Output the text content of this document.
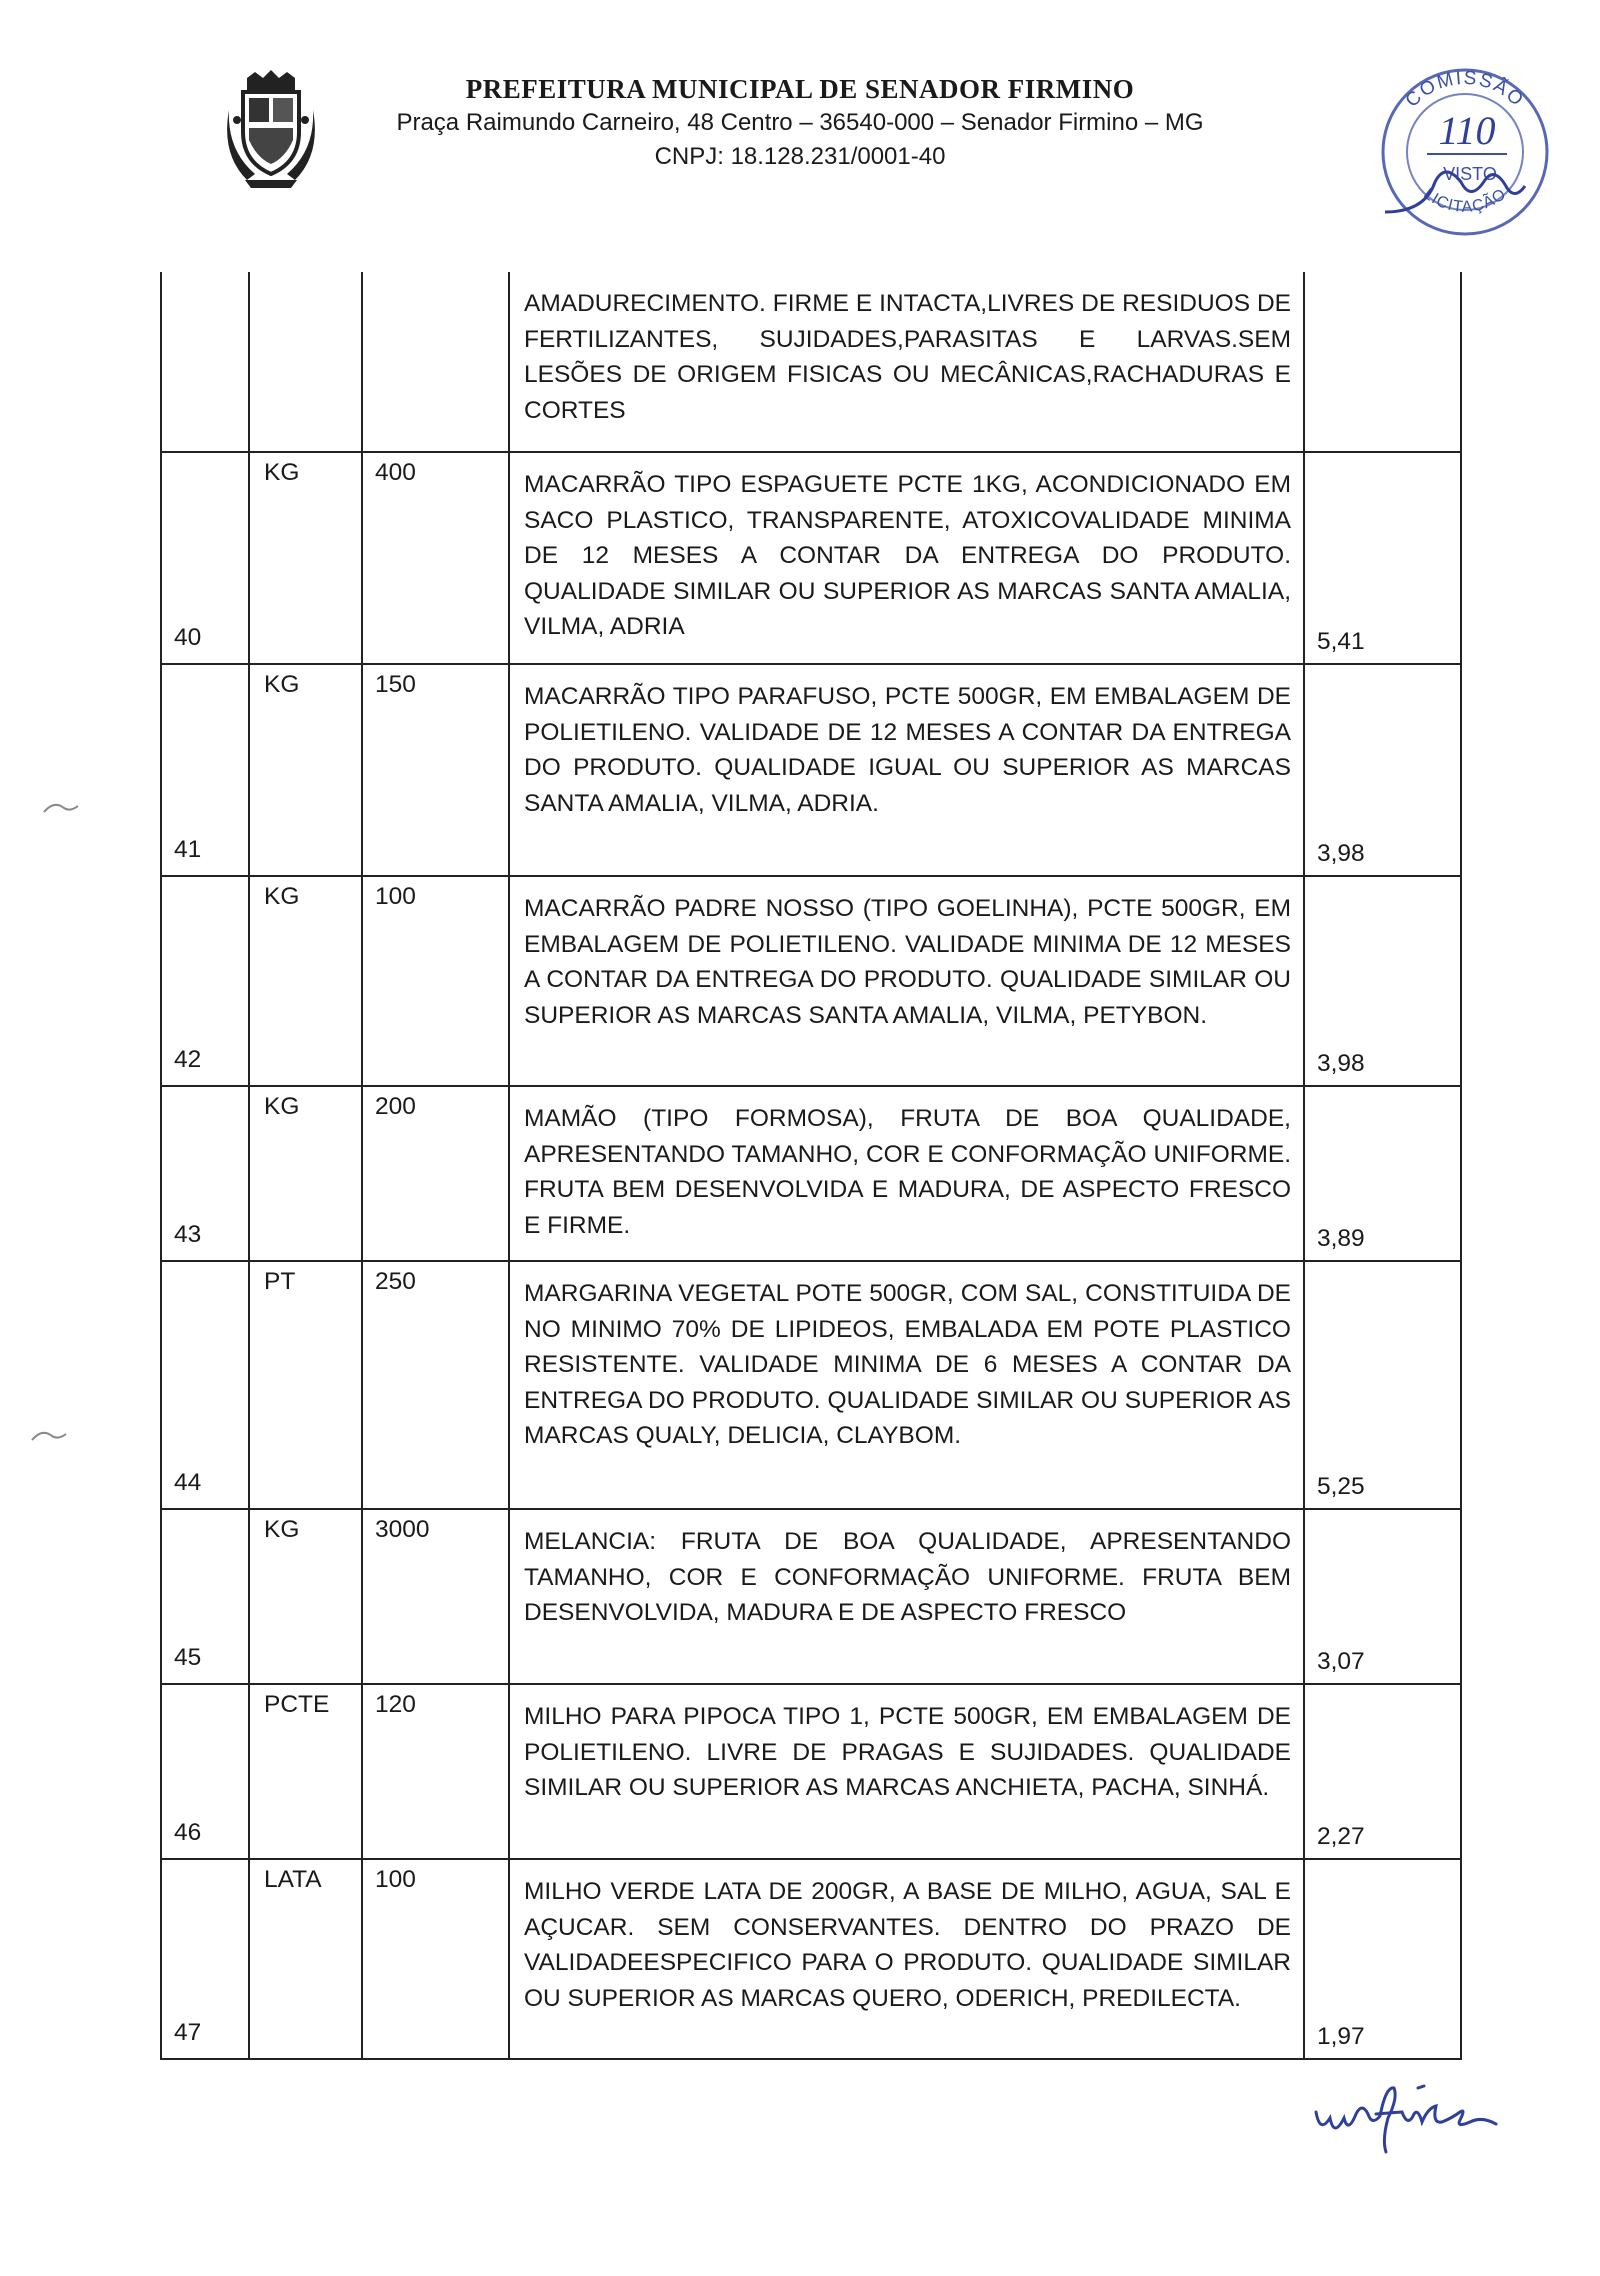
PREFEITURA MUNICIPAL DE SENADOR FIRMINO

Praça Raimundo Carneiro, 48 Centro – 36540-000 – Senador Firmino – MG

CNPJ: 18.128.231/0001-40

COMISSÃO
LICITAÇÃO
110
VISTO

			AMADURECIMENTO. FIRME E INTACTA,LIVRES DE RESIDUOS DE FERTILIZANTES, SUJIDADES,PARASITAS E LARVAS.SEM LESÕES DE ORIGEM FISICAS OU MECÂNICAS,RACHADURAS E CORTES	

40	KG	400	MACARRÃO TIPO ESPAGUETE PCTE 1KG, ACONDICIONADO EM SACO PLASTICO, TRANSPARENTE, ATOXICOVALIDADE MINIMA DE 12 MESES A CONTAR DA ENTREGA DO PRODUTO. QUALIDADE SIMILAR OU SUPERIOR AS MARCAS SANTA AMALIA, VILMA, ADRIA	5,41

41	KG	150	MACARRÃO TIPO PARAFUSO, PCTE 500GR, EM EMBALAGEM DE POLIETILENO. VALIDADE DE 12 MESES A CONTAR DA ENTREGA DO PRODUTO. QUALIDADE IGUAL OU SUPERIOR AS MARCAS SANTA AMALIA, VILMA, ADRIA.	3,98

42	KG	100	MACARRÃO PADRE NOSSO (TIPO GOELINHA), PCTE 500GR, EM EMBALAGEM DE POLIETILENO. VALIDADE MINIMA DE 12 MESES A CONTAR DA ENTREGA DO PRODUTO. QUALIDADE SIMILAR OU SUPERIOR AS MARCAS SANTA AMALIA, VILMA, PETYBON.	3,98

43	KG	200	MAMÃO (TIPO FORMOSA), FRUTA DE BOA QUALIDADE, APRESENTANDO TAMANHO, COR E CONFORMAÇÃO UNIFORME. FRUTA BEM DESENVOLVIDA E MADURA, DE ASPECTO FRESCO E FIRME.	3,89

44	PT	250	MARGARINA VEGETAL POTE 500GR, COM SAL, CONSTITUIDA DE NO MINIMO 70% DE LIPIDEOS, EMBALADA EM POTE PLASTICO RESISTENTE. VALIDADE MINIMA DE 6 MESES A CONTAR DA ENTREGA DO PRODUTO. QUALIDADE SIMILAR OU SUPERIOR AS MARCAS QUALY, DELICIA, CLAYBOM.	5,25

45	KG	3000	MELANCIA: FRUTA DE BOA QUALIDADE, APRESENTANDO TAMANHO, COR E CONFORMAÇÃO UNIFORME. FRUTA BEM DESENVOLVIDA, MADURA E DE ASPECTO FRESCO	3,07

46	PCTE	120	MILHO PARA PIPOCA TIPO 1, PCTE 500GR, EM EMBALAGEM DE POLIETILENO. LIVRE DE PRAGAS E SUJIDADES. QUALIDADE SIMILAR OU SUPERIOR AS MARCAS ANCHIETA, PACHA, SINHÁ.	2,27

47	LATA	100	MILHO VERDE LATA DE 200GR, A BASE DE MILHO, AGUA, SAL E AÇUCAR. SEM CONSERVANTES. DENTRO DO PRAZO DE VALIDADEESPECIFICO PARA O PRODUTO. QUALIDADE SIMILAR OU SUPERIOR AS MARCAS QUERO, ODERICH, PREDILECTA.	1,97
